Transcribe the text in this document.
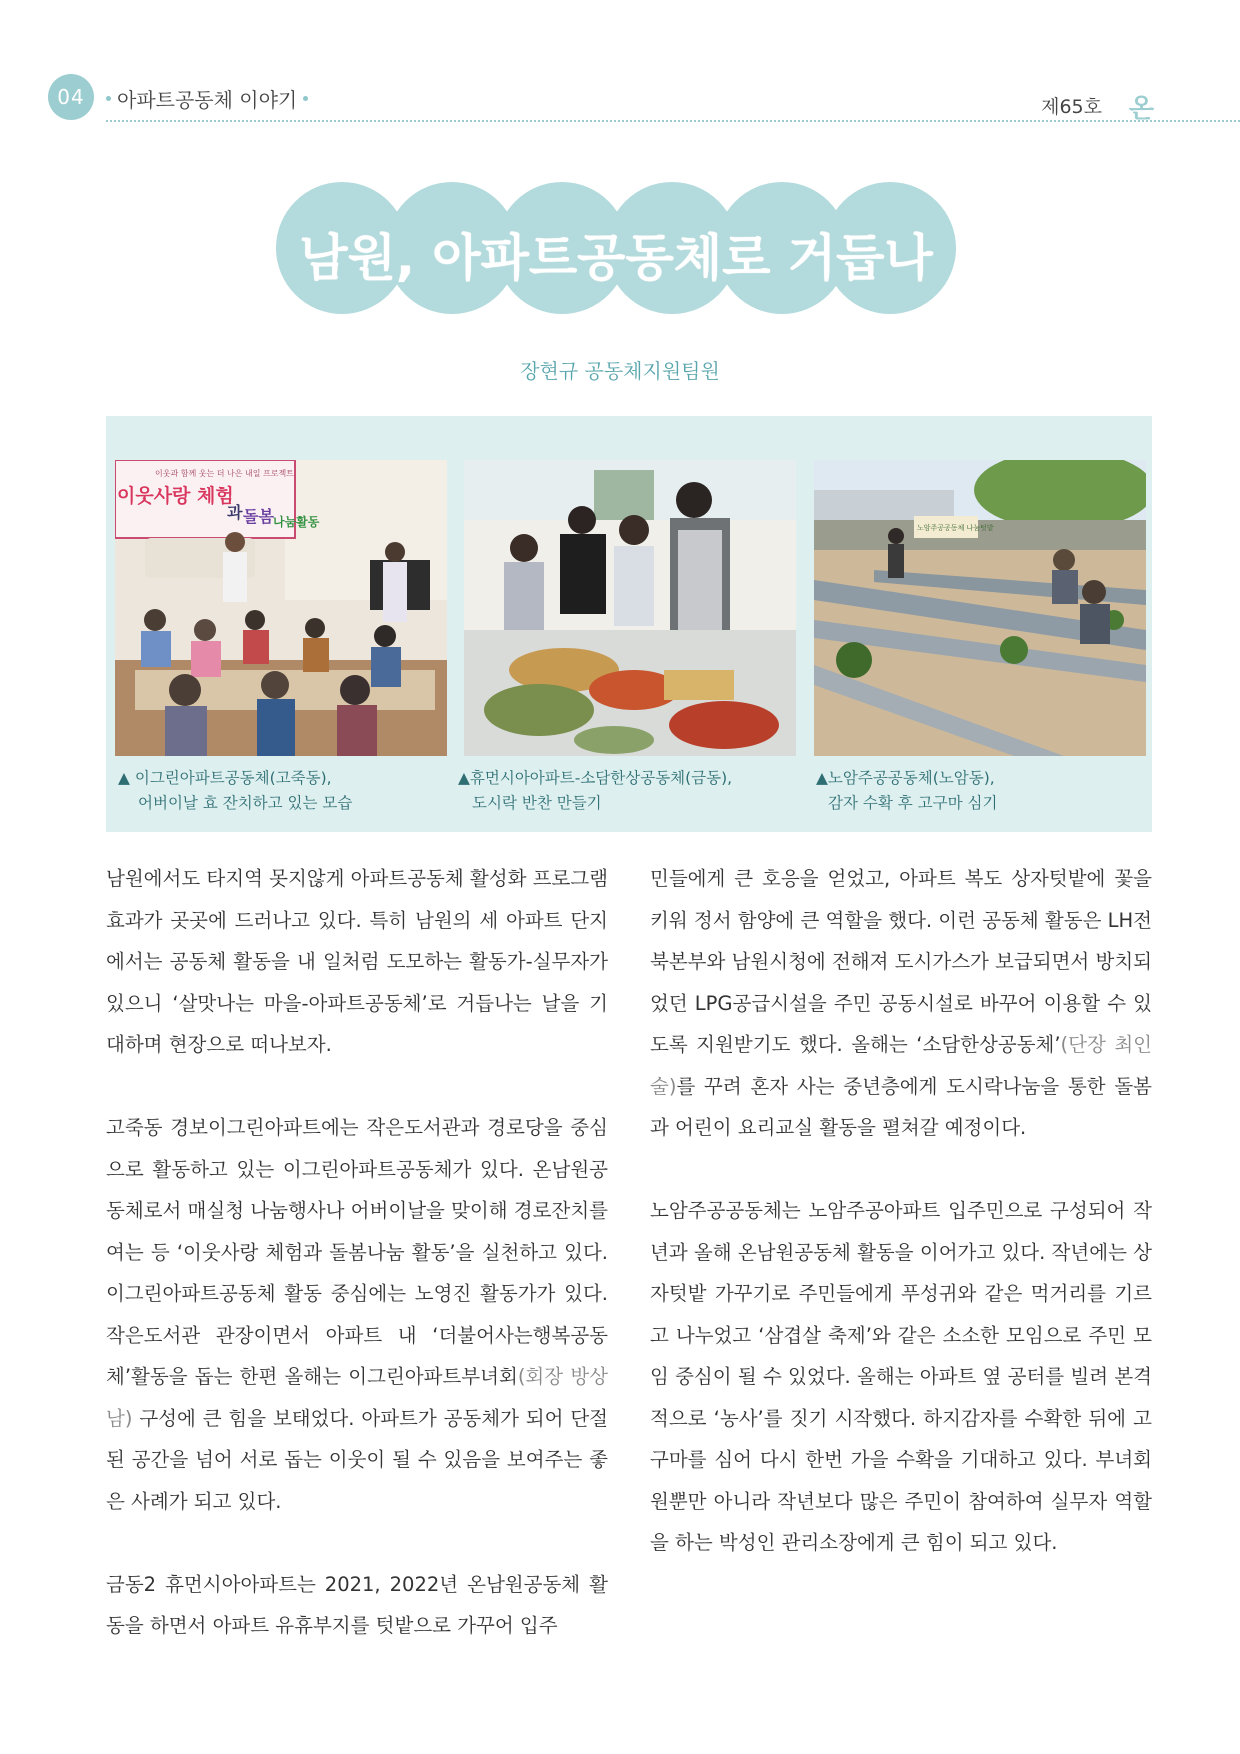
04	아파트공동체 이야기	제65호 온
남원, 아파트공동체로 거듭나다
장현규 공동체지원팀원
이웃과 함께 웃는 더 나은 내일 프로젝트
이웃사랑 체험
과 돌봄 나눔활동	노암주공공동체 나눔텃밭
▲ 이그린아파트공동체(고죽동),
어버이날 효 잔치하고 있는 모습
▲휴먼시아아파트-소담한상공동체(금동),
도시락 반찬 만들기
▲노암주공공동체(노암동),
감자 수확 후 고구마 심기

남원에서도 타지역 못지않게 아파트공동체 활성화 프로그램 효과가 곳곳에 드러나고 있다. 특히 남원의 세 아파트 단지에서는 공동체 활동을 내 일처럼 도모하는 활동가-실무자가 있으니 ‘살맛나는 마을-아파트공동체’로 거듭나는 날을 기대하며 현장으로 떠나보자.

고죽동 경보이그린아파트에는 작은도서관과 경로당을 중심으로 활동하고 있는 이그린아파트공동체가 있다. 온남원공동체로서 매실청 나눔행사나 어버이날을 맞이해 경로잔치를 여는 등 ‘이웃사랑 체험과 돌봄나눔 활동’을 실천하고 있다. 이그린아파트공동체 활동 중심에는 노영진 활동가가 있다. 작은도서관 관장이면서 아파트 내 ‘더불어사는행복공동체’활동을 돕는 한편 올해는 이그린아파트부녀회(회장 방상남) 구성에 큰 힘을 보태었다. 아파트가 공동체가 되어 단절된 공간을 넘어 서로 돕는 이웃이 될 수 있음을 보여주는 좋은 사례가 되고 있다.

금동2 휴먼시아아파트는 2021, 2022년 온남원공동체 활동을 하면서 아파트 유휴부지를 텃밭으로 가꾸어 입주

민들에게 큰 호응을 얻었고, 아파트 복도 상자텃밭에 꽃을 키워 정서 함양에 큰 역할을 했다. 이런 공동체 활동은 LH전북본부와 남원시청에 전해져 도시가스가 보급되면서 방치되었던 LPG공급시설을 주민 공동시설로 바꾸어 이용할 수 있도록 지원받기도 했다. 올해는 ‘소담한상공동체’(단장 최인술)를 꾸려 혼자 사는 중년층에게 도시락나눔을 통한 돌봄과 어린이 요리교실 활동을 펼쳐갈 예정이다.

노암주공공동체는 노암주공아파트 입주민으로 구성되어 작년과 올해 온남원공동체 활동을 이어가고 있다. 작년에는 상자텃밭 가꾸기로 주민들에게 푸성귀와 같은 먹거리를 기르고 나누었고 ‘삼겹살 축제’와 같은 소소한 모임으로 주민 모임 중심이 될 수 있었다. 올해는 아파트 옆 공터를 빌려 본격적으로 ‘농사’를 짓기 시작했다. 하지감자를 수확한 뒤에 고구마를 심어 다시 한번 가을 수확을 기대하고 있다. 부녀회원뿐만 아니라 작년보다 많은 주민이 참여하여 실무자 역할을 하는 박성인 관리소장에게 큰 힘이 되고 있다.
